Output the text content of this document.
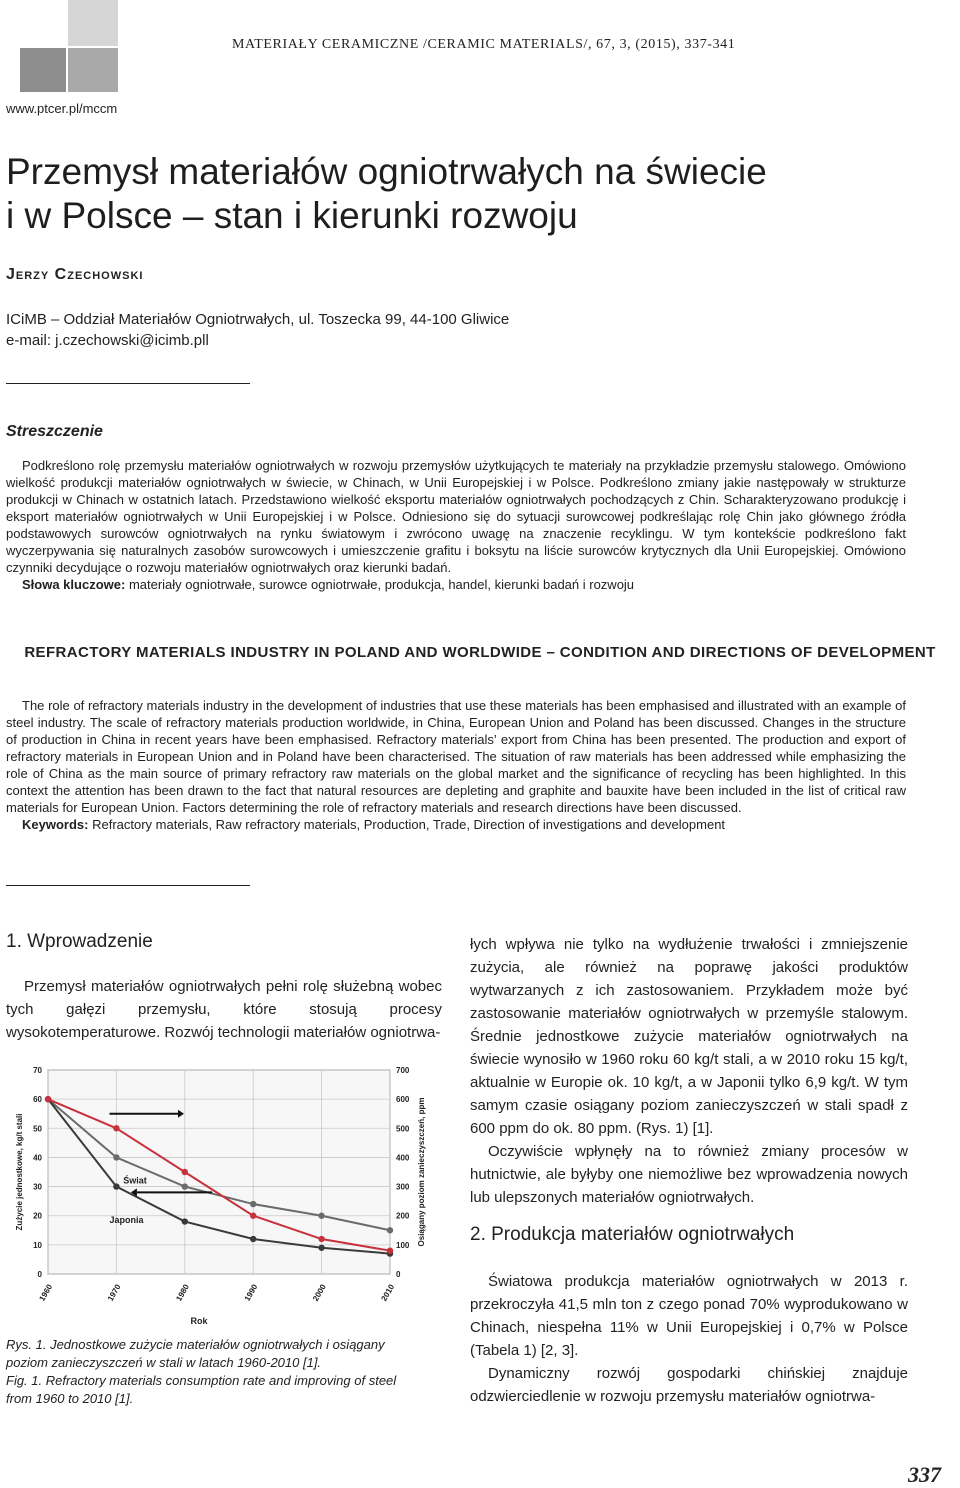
MATERIAŁY CERAMICZNE /CERAMIC MATERIALS/, 67, 3, (2015), 337-341
www.ptcer.pl/mccm
Przemysł materiałów ogniotrwałych na świecie
i w Polsce – stan i kierunki rozwoju
Jerzy Czechowski
ICiMB – Oddział Materiałów Ogniotrwałych, ul. Toszecka 99, 44-100 Gliwice
e-mail: j.czechowski@icimb.pll
Streszczenie

Podkreślono rolę przemysłu materiałów ogniotrwałych w rozwoju przemysłów użytkujących te materiały na przykładzie przemysłu stalowego. Omówiono wielkość produkcji materiałów ogniotrwałych w świecie, w Chinach, w Unii Europejskiej i w Polsce. Podkreślono zmiany jakie następowały w strukturze produkcji w Chinach w ostatnich latach. Przedstawiono wielkość eksportu materiałów ogniotrwałych pochodzących z Chin. Scharakteryzowano produkcję i eksport materiałów ogniotrwałych w Unii Europejskiej i w Polsce. Odniesiono się do sytuacji surowcowej podkreślając rolę Chin jako głównego źródła podstawowych surowców ogniotrwałych na rynku światowym i zwrócono uwagę na znaczenie recyklingu. W tym kontekście podkreślono fakt wyczerpywania się naturalnych zasobów surowcowych i umieszczenie grafitu i boksytu na liście surowców krytycznych dla Unii Europejskiej. Omówiono czynniki decydujące o rozwoju materiałów ogniotrwałych oraz kierunki badań.

Słowa kluczowe: materiały ogniotrwałe, surowce ogniotrwałe, produkcja, handel, kierunki badań i rozwoju

REFRACTORY MATERIALS INDUSTRY IN POLAND AND WORLDWIDE – CONDITION AND DIRECTIONS OF DEVELOPMENT

The role of refractory materials industry in the development of industries that use these materials has been emphasised and illustrated with an example of steel industry. The scale of refractory materials production worldwide, in China, European Union and Poland has been discussed. Changes in the structure of production in China in recent years have been emphasised. Refractory materials’ export from China has been presented. The production and export of refractory materials in European Union and in Poland have been characterised. The situation of raw materials has been addressed while emphasizing the role of China as the main source of primary refractory raw materials on the global market and the significance of recycling has been highlighted. In this context the attention has been drawn to the fact that natural resources are depleting and graphite and bauxite have been included in the list of critical raw materials for European Union. Factors determining the role of refractory materials and research directions have been discussed.

Keywords: Refractory materials, Raw refractory materials, Production, Trade, Direction of investigations and development

1. Wprowadzenie

Przemysł materiałów ogniotrwałych pełni rolę służebną wobec tych gałęzi przemysłu, które stosują procesy wysokotemperaturowe. Rozwój technologii materiałów ogniotrwa-

łych wpływa nie tylko na wydłużenie trwałości i zmniejszenie zużycia, ale również na poprawę jakości produktów wytwarzanych z ich zastosowaniem. Przykładem może być zastosowanie materiałów ogniotrwałych w przemyśle stalowym. Średnie jednostkowe zużycie materiałów ogniotrwałych na świecie wynosiło w 1960 roku 60 kg/t stali, a w 2010 roku 15 kg/t, aktualnie w Europie ok. 10 kg/t, a w Japonii tylko 6,9 kg/t. W tym samym czasie osiągany poziom zanieczyszczeń w stali spadł z 600 ppm do ok. 80 ppm. (Rys. 1) [1].

Oczywiście wpłynęły na to również zmiany procesów w hutnictwie, ale byłyby one niemożliwe bez wprowadzenia nowych lub ulepszonych materiałów ogniotrwałych.

2. Produkcja materiałów ogniotrwałych

Światowa produkcja materiałów ogniotrwałych w 2013 r. przekroczyła 41,5 mln ton z czego ponad 70% wyprodukowano w Chinach, niespełna 11% w Unii Europejskiej i 0,7% w Polsce (Tabela 1) [2, 3].

Dynamiczny rozwój gospodarki chińskiej znajduje odzwierciedlenie w rozwoju przemysłu materiałów ogniotrwa-

0
10
20
30
40
50
60
70
0
100
200
300
400
500
600
700
1960	1970	1980	1990	2000	2010
Rok
Zużycie jednostkowe, kg/t stali	Osiągany poziom zanieczyszczeń, ppm
Świat
Japonia
Rys. 1. Jednostkowe zużycie materiałów ogniotrwałych i osiągany
poziom zanieczyszczeń w stali w latach 1960-2010 [1].
Fig. 1. Refractory materials consumption rate and improving of steel
from 1960 to 2010 [1].
337
